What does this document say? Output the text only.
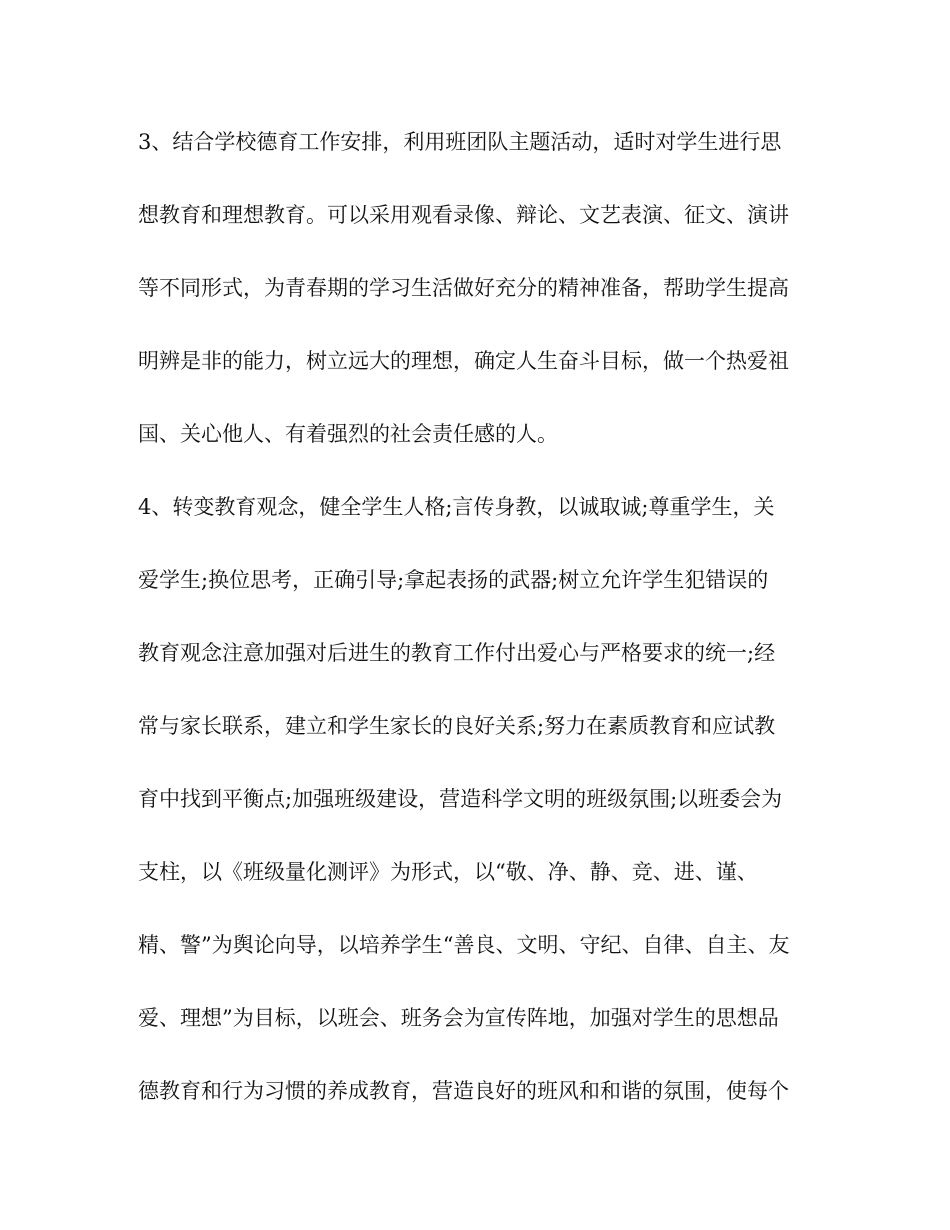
3、结合学校德育工作安排，利用班团队主题活动，适时对学生进行思
想教育和理想教育。可以采用观看录像、辩论、文艺表演、征文、演讲
等不同形式，为青春期的学习生活做好充分的精神准备，帮助学生提高
明辨是非的能力，树立远大的理想，确定人生奋斗目标，做一个热爱祖
国、关心他人、有着强烈的社会责任感的人。
4、转变教育观念，健全学生人格;言传身教，以诚取诚;尊重学生，关
爱学生;换位思考，正确引导;拿起表扬的武器;树立允许学生犯错误的
教育观念注意加强对后进生的教育工作付出爱心与严格要求的统一;经
常与家长联系，建立和学生家长的良好关系;努力在素质教育和应试教
育中找到平衡点;加强班级建设，营造科学文明的班级氛围;以班委会为
支柱，以《班级量化测评》为形式，以“敬、净、静、竞、进、谨、
精、警”为舆论向导，以培养学生“善良、文明、守纪、自律、自主、友
爱、理想”为目标，以班会、班务会为宣传阵地，加强对学生的思想品
德教育和行为习惯的养成教育，营造良好的班风和和谐的氛围，使每个
